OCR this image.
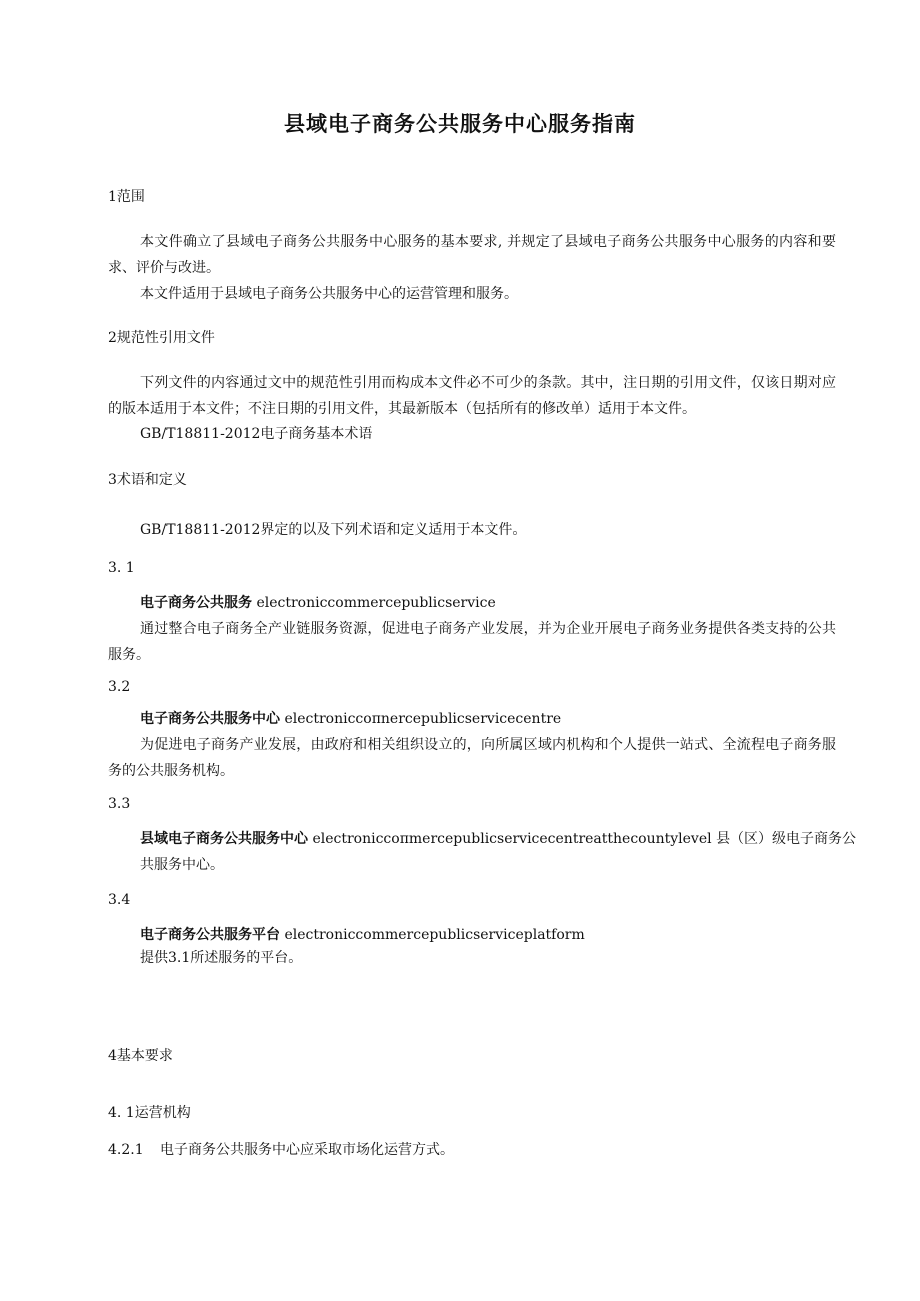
县域电子商务公共服务中心服务指南
1范围
本文件确立了县域电子商务公共服务中心服务的基本要求, 并规定了县域电子商务公共服务中心服务的内容和要求、评价与改进。
本文件适用于县域电子商务公共服务中心的运营管理和服务。
2规范性引用文件
下列文件的内容通过文中的规范性引用而构成本文件必不可少的条款。其中，注日期的引用文件，仅该日期对应的版本适用于本文件；不注日期的引用文件，其最新版本（包括所有的修改单）适用于本文件。
GB/T18811-2012电子商务基本术语
3术语和定义
GB/T18811-2012界定的以及下列术语和定义适用于本文件。
3. 1
电子商务公共服务 electroniccommercepublicservice
通过整合电子商务全产业链服务资源，促进电子商务产业发展，并为企业开展电子商务业务提供各类支持的公共服务。
3.2
电子商务公共服务中心 electroniccoπnercepublicservicecentre
为促进电子商务产业发展，由政府和相关组织设立的，向所属区域内机构和个人提供一站式、全流程电子商务服务的公共服务机构。
3.3
县域电子商务公共服务中心 electroniccoπmercepublicservicecentreatthecountylevel 县（区）级电子商务公
共服务中心。
3.4
电子商务公共服务平台 electroniccommercepublicserviceplatform
提供3.1所述服务的平台。
4基本要求
4. 1运营机构
4.2.1 电子商务公共服务中心应采取市场化运营方式。
